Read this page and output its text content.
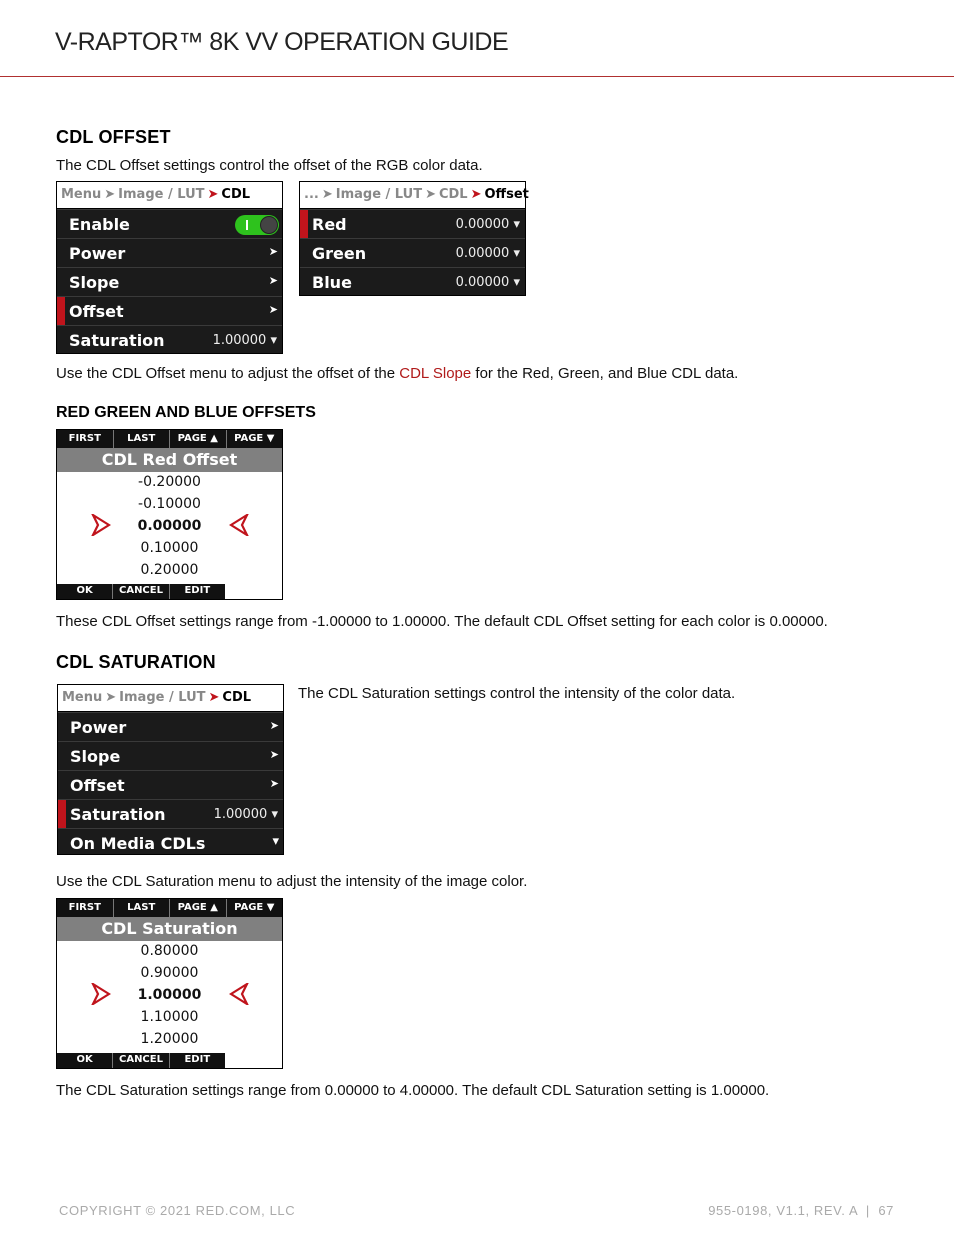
V-RAPTOR™ 8K VV OPERATION GUIDE
CDL OFFSET
The CDL Offset settings control the offset of the RGB color data.
Menu ➤ Image / LUT ➤ CDL
Enable
Power	➤
Slope	➤
Offset	➤
Saturation	1.00000 ▾
... ➤ Image / LUT ➤ CDL ➤ Offset
Red	0.00000 ▾
Green	0.00000 ▾
Blue	0.00000 ▾
Use the CDL Offset menu to adjust the offset of the CDL Slope for the Red, Green, and Blue CDL data.
RED GREEN AND BLUE OFFSETS
FIRST	LAST	PAGE ▲	PAGE ▼
CDL Red Offset
-0.20000
-0.10000
0.00000
0.10000
0.20000
OK	CANCEL	EDIT
These CDL Offset settings range from -1.00000 to 1.00000. The default CDL Offset setting for each color is 0.00000.
CDL SATURATION
Menu ➤ Image / LUT ➤ CDL
Power	➤
Slope	➤
Offset	➤
Saturation	1.00000 ▾
On Media CDLs	▾
The CDL Saturation settings control the intensity of the color data.
Use the CDL Saturation menu to adjust the intensity of the image color.
FIRST	LAST	PAGE ▲	PAGE ▼
CDL Saturation
0.80000
0.90000
1.00000
1.10000
1.20000
OK	CANCEL	EDIT
The CDL Saturation settings range from 0.00000 to 4.00000. The default CDL Saturation setting is 1.00000.
COPYRIGHT © 2021 RED.COM, LLC	955-0198, V1.1, REV. A  |  67
